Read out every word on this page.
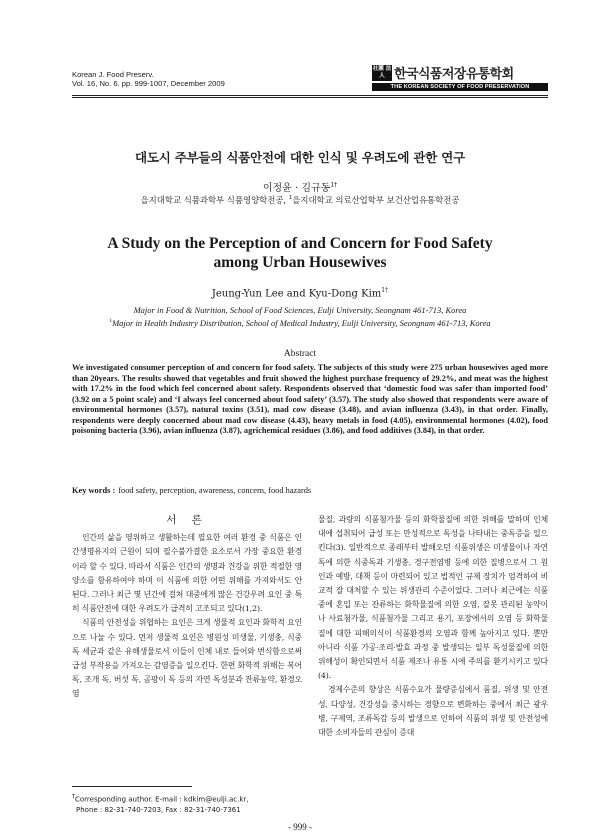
Korean J. Food Preserv.
Vol. 16, No. 6. pp. 999-1007, December 2009
社團 法人 한국식품저장유통학회
THE KOREAN SOCIETY OF FOOD PRESERVATION
대도시 주부들의 식품안전에 대한 인식 및 우려도에 관한 연구
이정윤 · 김규동$^{1\dagger}$
을지대학교 식품과학부 식품영양학전공, $^1$을지대학교 의료산업학부 보건산업유통학전공
A Study on the Perception of and Concern for Food Safety
among Urban Housewives
Jeung-Yun Lee and Kyu-Dong Kim$^{1\dagger}$
Major in Food & Nutrition, School of Food Sciences, Eulji University, Seongnam 461-713, Korea
$^1$Major in Health Industry Distribution, School of Medical Industry, Eulji University, Seongnam 461-713, Korea
Abstract
We investigated consumer perception of and concern for food safety. The subjects of this study were 275 urban housewives aged more than 20years. The results showed that vegetables and fruit showed the highest purchase frequency of 29.2%, and meat was the highest with 17.2% in the food which feel concerned about safety. Respondents observed that ‘domestic food was safer than imported food’ (3.92 on a 5 point scale) and ‘I always feel concerned about food safety’ (3.57). The study also showed that respondents were aware of environmental hormones (3.57), natural toxins (3.51), mad cow disease (3.48), and avian influenza (3.43), in that order. Finally, respondents were deeply concerned about mad cow disease (4.43), heavy metals in food (4.05), environmental hormones (4.02), food poisoning bacteria (3.96), avian influenza (3.87), agrichemical residues (3.86), and food additives (3.84), in that order.
Key words : food safety, perception, awareness, concern, food hazards
서 론

인간의 삶을 영위하고 생활하는데 필요한 여러 환경 중 식품은 인간생명유지의 근원이 되며 필수불가결한 요소로서 가장 중요한 환경이라 할 수 있다. 따라서 식품은 인간의 생명과 건강을 위한 적절한 영양소를 함유하여야 하며 이 식품에 의한 어떤 위해를 가져와서도 안 된다. 그러나 최근 몇 년간에 걸쳐 대중에게 많은 건강우려 요인 중 특히 식품안전에 대한 우려도가 급격히 고조되고 있다(1,2).

식품의 안전성을 위협하는 요인은 크게 생물적 요인과 화학적 요인으로 나눌 수 있다. 먼저 생물적 요인은 병원성 미생물, 기생충, 식중독 세균과 같은 유해생물로서 이들이 인체 내로 들어와 번식함으로써 급성 부작용을 가져오는 감염증을 일으킨다. 한편 화학적 위해는 복어 독, 조개 독, 버섯 독, 곰팡이 독 등의 자연 독성분과 잔류농약, 환경오염

물질, 과량의 식품첨가물 등의 화학물질에 의한 위해를 말하며 인체 내에 섭취되어 급성 또는 만성적으로 독성을 나타내는 중독증을 일으킨다(3). 일반적으로 종래부터 발해오던 식품위생은 미생물이나 자연 독에 의한 식중독과 기생충, 경구전염병 등에 의한 질병으로서 그 원인과 예방, 대책 등이 마련되어 있고 법적인 규제 장치가 엄격하여 비교적 잘 대처할 수 있는 위생관리 수준이었다. 그러나 최근에는 식품 중에 혼입 또는 잔류하는 화학물질에 의한 오염, 잘못 관리된 농약이나 사료첨가물, 식품첨가물 그리고 용기, 포장에서의 오염 등 화학물질에 대한 피해의식이 식품환경의 오염과 함께 높아지고 있다. 뿐만 아니라 식품 가공·조리·발효 과정 중 발생되는 일부 독성물질에 의한 위해성이 확인되면서 식품 제조나 유통 시에 주의를 환기시키고 있다(4).

경제수준의 향상은 식품수요가 물량증심에서 품질, 위생 및 안전성, 다양성, 건강성을 중시하는 경향으로 변화하는 중에서 최근 광우병, 구제역, 조류독감 등의 발생으로 인하여 식품의 위생 및 안전성에 대한 소비자들의 관심이 증대

†Corresponding author. E-mail : kdkim@eulji.ac.kr,
Phone : 82-31-740-7203, Fax : 82-31-740-7361
- 999 -
